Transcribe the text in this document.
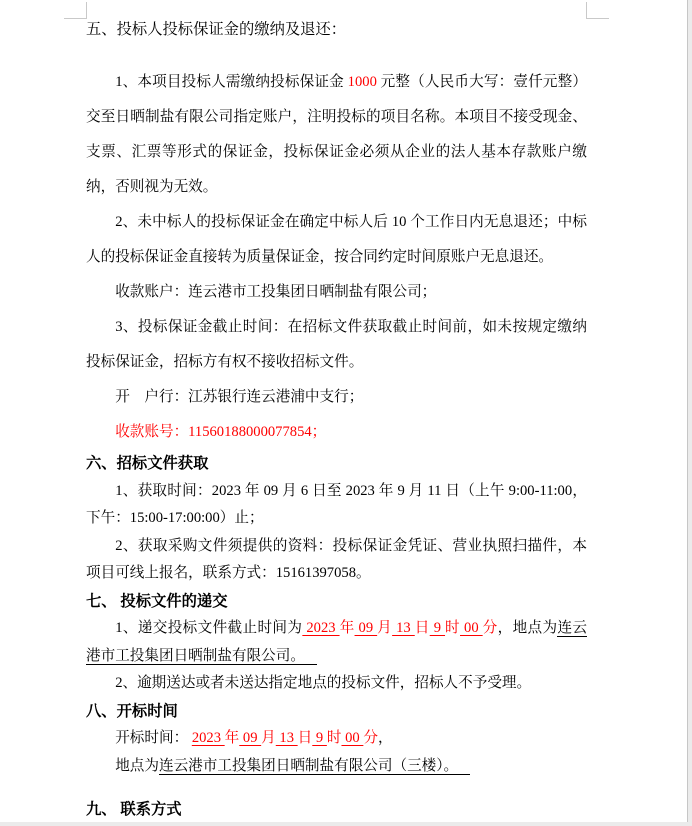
五、投标人投标保证金的缴纳及退还：

1、本项目投标人需缴纳投标保证金 1000 元整（人民币大写：壹仟元整）交至日晒制盐有限公司指定账户，注明投标的项目名称。本项目不接受现金、支票、汇票等形式的保证金，投标保证金必须从企业的法人基本存款账户缴纳，否则视为无效。

2、未中标人的投标保证金在确定中标人后 10 个工作日内无息退还；中标人的投标保证金直接转为质量保证金，按合同约定时间原账户无息退还。

收款账户：连云港市工投集团日晒制盐有限公司；

3、投标保证金截止时间：在招标文件获取截止时间前，如未按规定缴纳投标保证金，招标方有权不接收招标文件。

开　户行：江苏银行连云港浦中支行；

收款账号：11560188000077854；

六、招标文件获取

1、获取时间：2023 年 09 月 6 日至 2023 年 9 月 11 日（上午 9:00-11:00，下午：15:00-17:00:00）止；

2、获取采购文件须提供的资料：投标保证金凭证、营业执照扫描件，本项目可线上报名，联系方式：15161397058。

七、 投标文件的递交

1、递交投标文件截止时间为 2023 年 09 月 13 日 9 时 00 分，地点为连云港市工投集团日晒制盐有限公司。

2、逾期送达或者未送达指定地点的投标文件，招标人不予受理。

八、开标时间

开标时间： 2023 年 09 月 13 日 9 时 00 分，

地点为连云港市工投集团日晒制盐有限公司（三楼）。

九、 联系方式
